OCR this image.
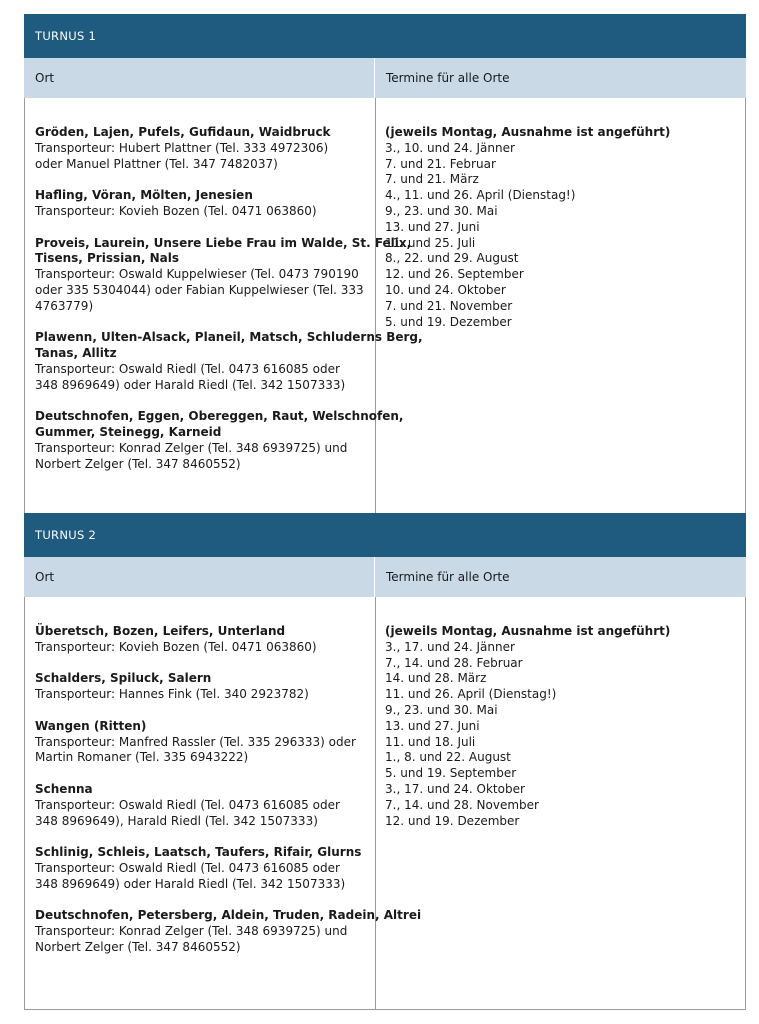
TURNUS 1
Ort	Termine für alle Orte
Gröden, Lajen, Pufels, Gufidaun, Waidbruck
Transporteur: Hubert Plattner (Tel. 333 4972306)
oder Manuel Plattner (Tel. 347 7482037)
Hafling, Vöran, Mölten, Jenesien
Transporteur: Kovieh Bozen (Tel. 0471 063860)
Proveis, Laurein, Unsere Liebe Frau im Walde, St. Felix,
Tisens, Prissian, Nals
Transporteur: Oswald Kuppelwieser (Tel. 0473 790190
oder 335 5304044) oder Fabian Kuppelwieser (Tel. 333
4763779)
Plawenn, Ulten-Alsack, Planeil, Matsch, Schluderns Berg,
Tanas, Allitz
Transporteur: Oswald Riedl (Tel. 0473 616085 oder
348 8969649) oder Harald Riedl (Tel. 342 1507333)
Deutschnofen, Eggen, Obereggen, Raut, Welschnofen,
Gummer, Steinegg, Karneid
Transporteur: Konrad Zelger (Tel. 348 6939725) und
Norbert Zelger (Tel. 347 8460552)
(jeweils Montag, Ausnahme ist angeführt)
3., 10. und 24. Jänner
7. und 21. Februar
7. und 21. März
4., 11. und 26. April (Dienstag!)
9., 23. und 30. Mai
13. und 27. Juni
11. und 25. Juli
8., 22. und 29. August
12. und 26. September
10. und 24. Oktober
7. und 21. November
5. und 19. Dezember
TURNUS 2
Ort	Termine für alle Orte
Überetsch, Bozen, Leifers, Unterland
Transporteur: Kovieh Bozen (Tel. 0471 063860)
Schalders, Spiluck, Salern
Transporteur: Hannes Fink (Tel. 340 2923782)
Wangen (Ritten)
Transporteur: Manfred Rassler (Tel. 335 296333) oder
Martin Romaner (Tel. 335 6943222)
Schenna
Transporteur: Oswald Riedl (Tel. 0473 616085 oder
348 8969649), Harald Riedl (Tel. 342 1507333)
Schlinig, Schleis, Laatsch, Taufers, Rifair, Glurns
Transporteur: Oswald Riedl (Tel. 0473 616085 oder
348 8969649) oder Harald Riedl (Tel. 342 1507333)
Deutschnofen, Petersberg, Aldein, Truden, Radein, Altrei
Transporteur: Konrad Zelger (Tel. 348 6939725) und
Norbert Zelger (Tel. 347 8460552)
(jeweils Montag, Ausnahme ist angeführt)
3., 17. und 24. Jänner
7., 14. und 28. Februar
14. und 28. März
11. und 26. April (Dienstag!)
9., 23. und 30. Mai
13. und 27. Juni
11. und 18. Juli
1., 8. und 22. August
5. und 19. September
3., 17. und 24. Oktober
7., 14. und 28. November
12. und 19. Dezember
